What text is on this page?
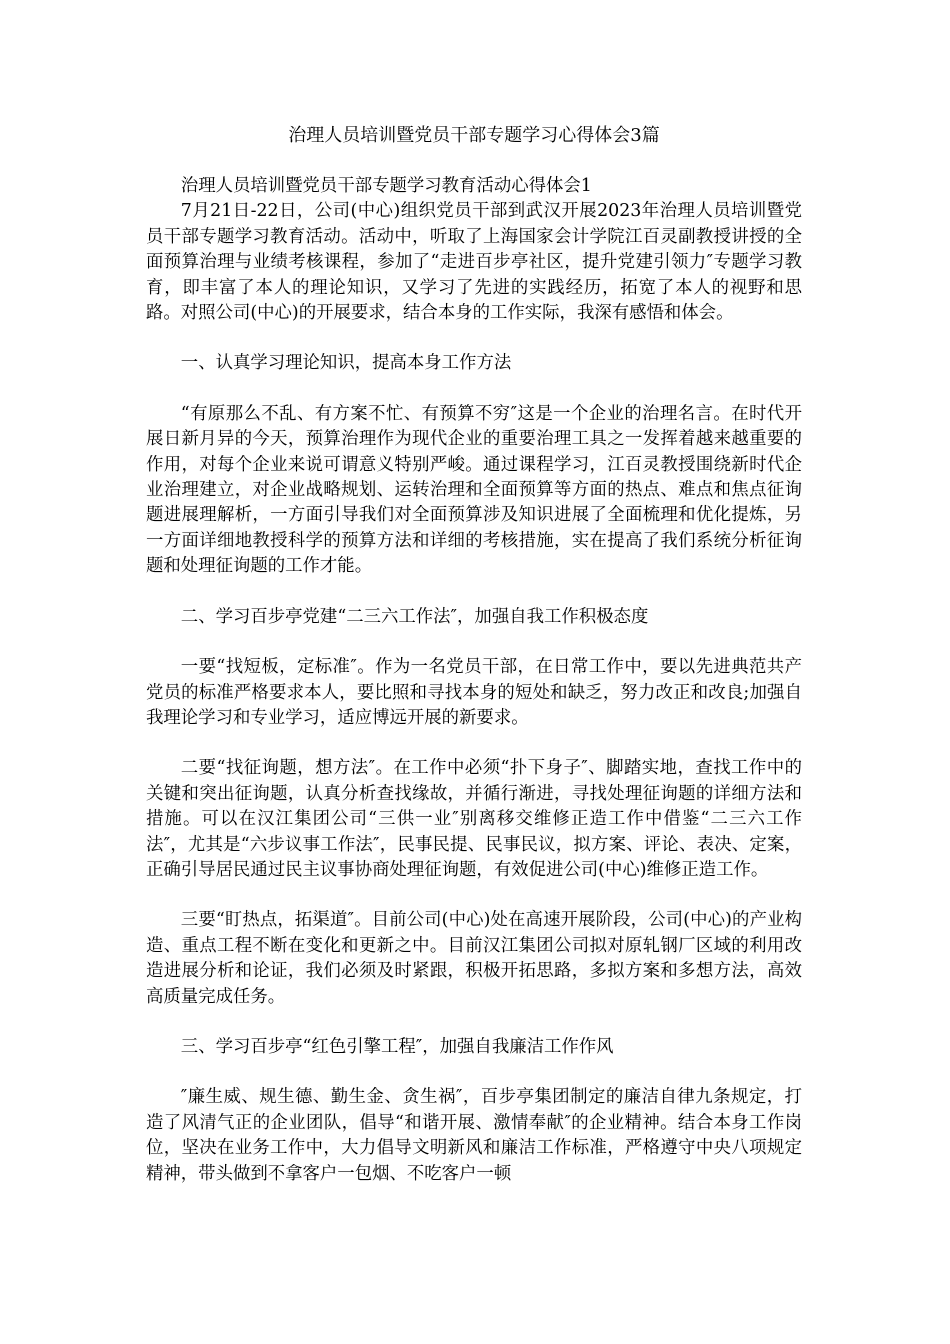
治理人员培训暨党员干部专题学习心得体会3篇

治理人员培训暨党员干部专题学习教育活动心得体会1

7月21日-22日，公司(中心)组织党员干部到武汉开展2023年治理人员培训暨党员干部专题学习教育活动。活动中，听取了上海国家会计学院江百灵副教授讲授的全面预算治理与业绩考核课程，参加了“走进百步亭社区，提升党建引领力″专题学习教育，即丰富了本人的理论知识，又学习了先进的实践经历，拓宽了本人的视野和思路。对照公司(中心)的开展要求，结合本身的工作实际，我深有感悟和体会。

一、认真学习理论知识，提高本身工作方法

“有原那么不乱、有方案不忙、有预算不穷″这是一个企业的治理名言。在时代开展日新月异的今天，预算治理作为现代企业的重要治理工具之一发挥着越来越重要的作用，对每个企业来说可谓意义特别严峻。通过课程学习，江百灵教授围绕新时代企业治理建立，对企业战略规划、运转治理和全面预算等方面的热点、难点和焦点征询题进展理解析，一方面引导我们对全面预算涉及知识进展了全面梳理和优化提炼，另一方面详细地教授科学的预算方法和详细的考核措施，实在提高了我们系统分析征询题和处理征询题的工作才能。

二、学习百步亭党建“二三六工作法″，加强自我工作积极态度

一要“找短板，定标准″。作为一名党员干部，在日常工作中，要以先进典范共产党员的标准严格要求本人，要比照和寻找本身的短处和缺乏，努力改正和改良;加强自我理论学习和专业学习，适应博远开展的新要求。

二要“找征询题，想方法″。在工作中必须“扑下身子″、脚踏实地，查找工作中的关键和突出征询题，认真分析查找缘故，并循行渐进，寻找处理征询题的详细方法和措施。可以在汉江集团公司“三供一业″别离移交维修正造工作中借鉴“二三六工作法″，尤其是“六步议事工作法″，民事民提、民事民议，拟方案、评论、表决、定案，正确引导居民通过民主议事协商处理征询题，有效促进公司(中心)维修正造工作。

三要“盯热点，拓渠道″。目前公司(中心)处在高速开展阶段，公司(中心)的产业构造、重点工程不断在变化和更新之中。目前汉江集团公司拟对原轧钢厂区域的利用改造进展分析和论证，我们必须及时紧跟，积极开拓思路，多拟方案和多想方法，高效高质量完成任务。

三、学习百步亭“红色引擎工程″，加强自我廉洁工作作风

″廉生威、规生德、勤生金、贪生祸″，百步亭集团制定的廉洁自律九条规定，打造了风清气正的企业团队，倡导“和谐开展、激情奉献″的企业精神。结合本身工作岗位，坚决在业务工作中，大力倡导文明新风和廉洁工作标准，严格遵守中央八项规定精神，带头做到不拿客户一包烟、不吃客户一顿
